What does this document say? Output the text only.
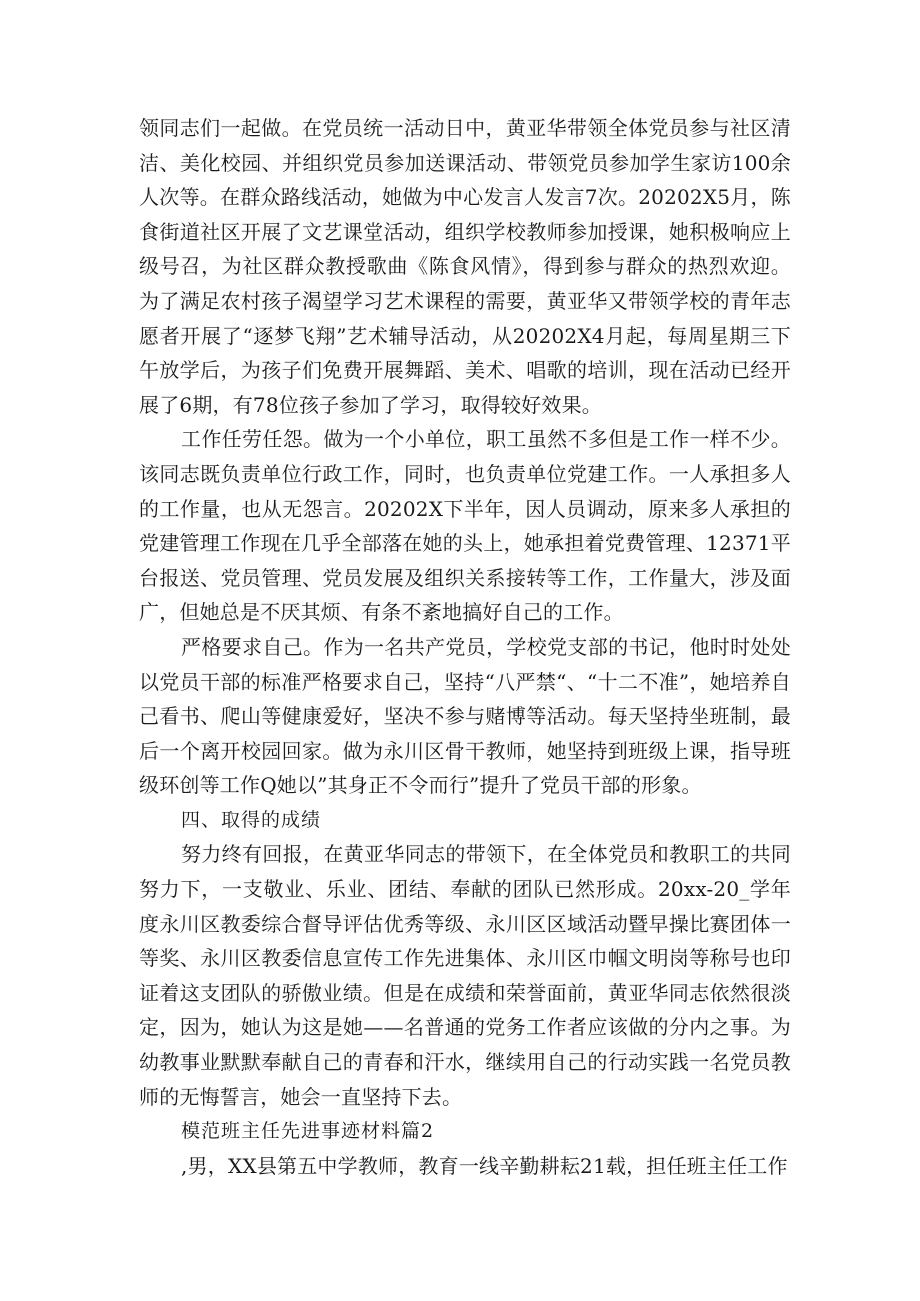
领同志们一起做。在党员统一活动日中，黄亚华带领全体党员参与社区清洁、美化校园、并组织党员参加送课活动、带领党员参加学生家访100余人次等。在群众路线活动，她做为中心发言人发言7次。20202X5月，陈食街道社区开展了文艺课堂活动，组织学校教师参加授课，她积极响应上级号召，为社区群众教授歌曲《陈食风情》，得到参与群众的热烈欢迎。为了满足农村孩子渴望学习艺术课程的需要，黄亚华又带领学校的青年志愿者开展了“逐梦飞翔”艺术辅导活动，从20202X4月起，每周星期三下午放学后，为孩子们免费开展舞蹈、美术、唱歌的培训，现在活动已经开展了6期，有78位孩子参加了学习，取得较好效果。

工作任劳任怨。做为一个小单位，职工虽然不多但是工作一样不少。该同志既负责单位行政工作，同时，也负责单位党建工作。一人承担多人的工作量，也从无怨言。20202X下半年，因人员调动，原来多人承担的党建管理工作现在几乎全部落在她的头上，她承担着党费管理、12371平台报送、党员管理、党员发展及组织关系接转等工作，工作量大，涉及面广，但她总是不厌其烦、有条不紊地搞好自己的工作。

严格要求自己。作为一名共产党员，学校党支部的书记，他时时处处以党员干部的标准严格要求自己，坚持“八严禁“、“十二不准”，她培养自己看书、爬山等健康爱好，坚决不参与赌博等活动。每天坚持坐班制，最后一个离开校园回家。做为永川区骨干教师，她坚持到班级上课，指导班级环创等工作Q她以”其身正不令而行”提升了党员干部的形象。

四、取得的成绩

努力终有回报，在黄亚华同志的带领下，在全体党员和教职工的共同努力下，一支敬业、乐业、团结、奉献的团队已然形成。20xx-20_学年度永川区教委综合督导评估优秀等级、永川区区域活动暨早操比赛团体一等奖、永川区教委信息宣传工作先进集体、永川区巾帼文明岗等称号也印证着这支团队的骄傲业绩。但是在成绩和荣誉面前，黄亚华同志依然很淡定，因为，她认为这是她——名普通的党务工作者应该做的分内之事。为幼教事业默默奉献自己的青春和汗水，继续用自己的行动实践一名党员教师的无悔誓言，她会一直坚持下去。

模范班主任先进事迹材料篇2

,男，XX县第五中学教师，教育一线辛勤耕耘21载，担任班主任工作
